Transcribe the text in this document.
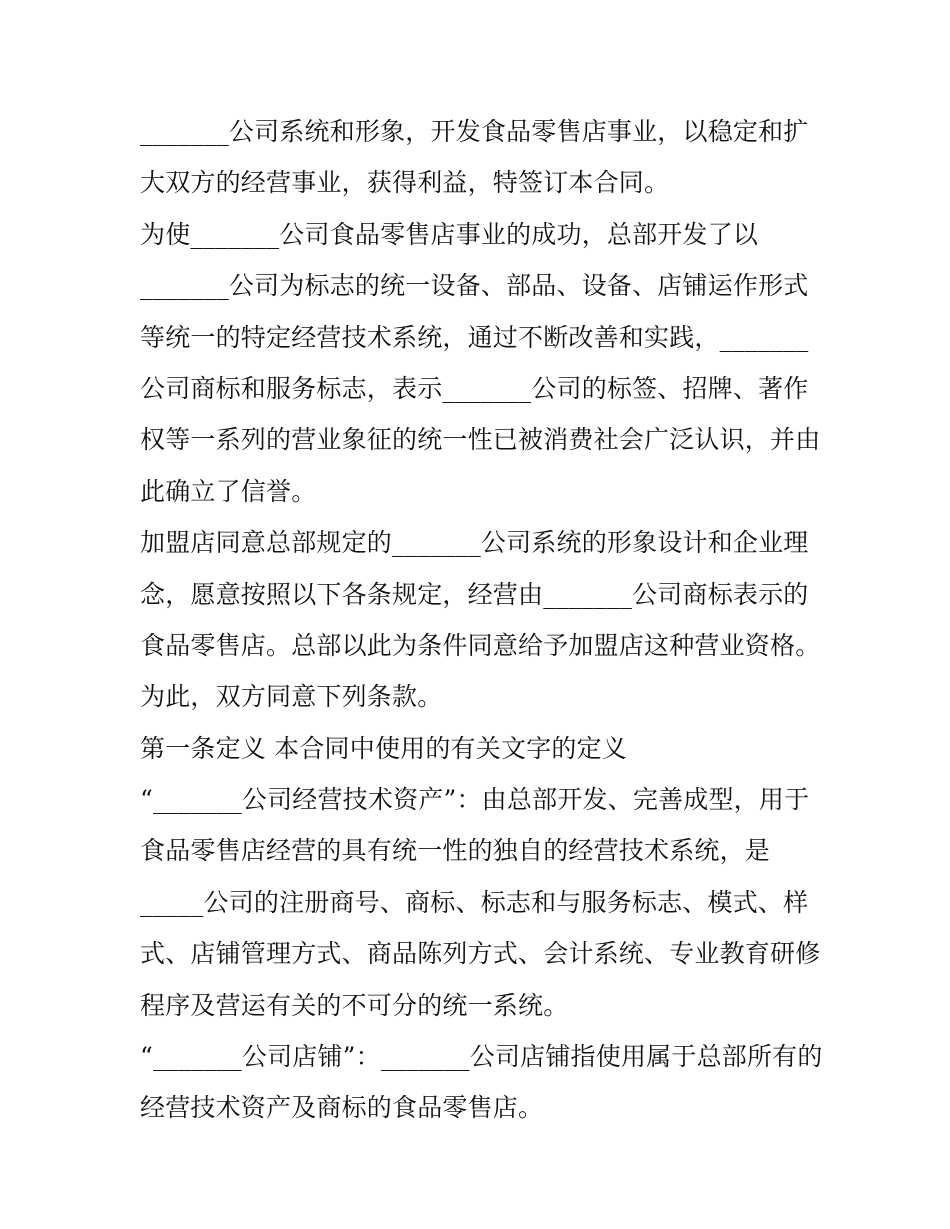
_______公司系统和形象，开发食品零售店事业，以稳定和扩
大双方的经营事业，获得利益，特签订本合同。
为使_______公司食品零售店事业的成功，总部开发了以
_______公司为标志的统一设备、部品、设备、店铺运作形式
等统一的特定经营技术系统，通过不断改善和实践，_______
公司商标和服务标志，表示_______公司的标签、招牌、著作
权等一系列的营业象征的统一性已被消费社会广泛认识，并由
此确立了信誉。
加盟店同意总部规定的_______公司系统的形象设计和企业理
念，愿意按照以下各条规定，经营由_______公司商标表示的
食品零售店。总部以此为条件同意给予加盟店这种营业资格。
为此，双方同意下列条款。
第一条定义 本合同中使用的有关文字的定义
“_______公司经营技术资产”：由总部开发、完善成型，用于
食品零售店经营的具有统一性的独自的经营技术系统，是
_____公司的注册商号、商标、标志和与服务标志、模式、样
式、店铺管理方式、商品陈列方式、会计系统、专业教育研修
程序及营运有关的不可分的统一系统。
“_______公司店铺”：_______公司店铺指使用属于总部所有的
经营技术资产及商标的食品零售店。
